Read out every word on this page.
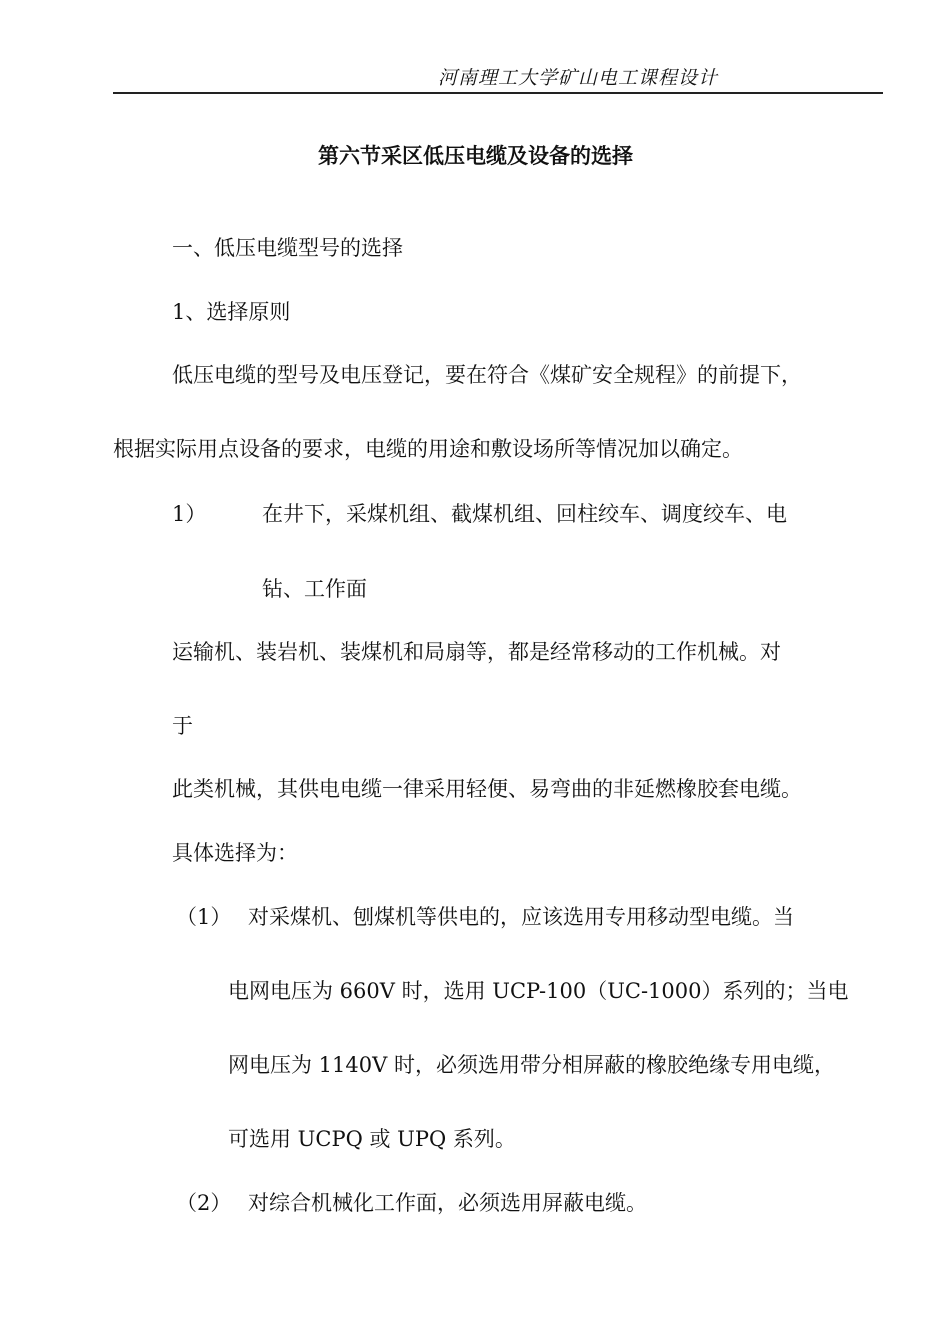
河南理工大学矿山电工课程设计
第六节采区低压电缆及设备的选择
一、低压电缆型号的选择
1、选择原则
低压电缆的型号及电压登记，要在符合《煤矿安全规程》的前提下，
根据实际用点设备的要求，电缆的用途和敷设场所等情况加以确定。
1）	在井下，采煤机组、截煤机组、回柱绞车、调度绞车、电
钻、工作面
运输机、装岩机、装煤机和局扇等，都是经常移动的工作机械。对
于
此类机械，其供电电缆一律采用轻便、易弯曲的非延燃橡胶套电缆。
具体选择为：
（1） 对采煤机、刨煤机等供电的，应该选用专用移动型电缆。当
电网电压为 660V 时，选用 UCP-100（UC-1000）系列的；当电
网电压为 1140V 时，必须选用带分相屏蔽的橡胶绝缘专用电缆，
可选用 UCPQ 或 UPQ 系列。
（2） 对综合机械化工作面，必须选用屏蔽电缆。
